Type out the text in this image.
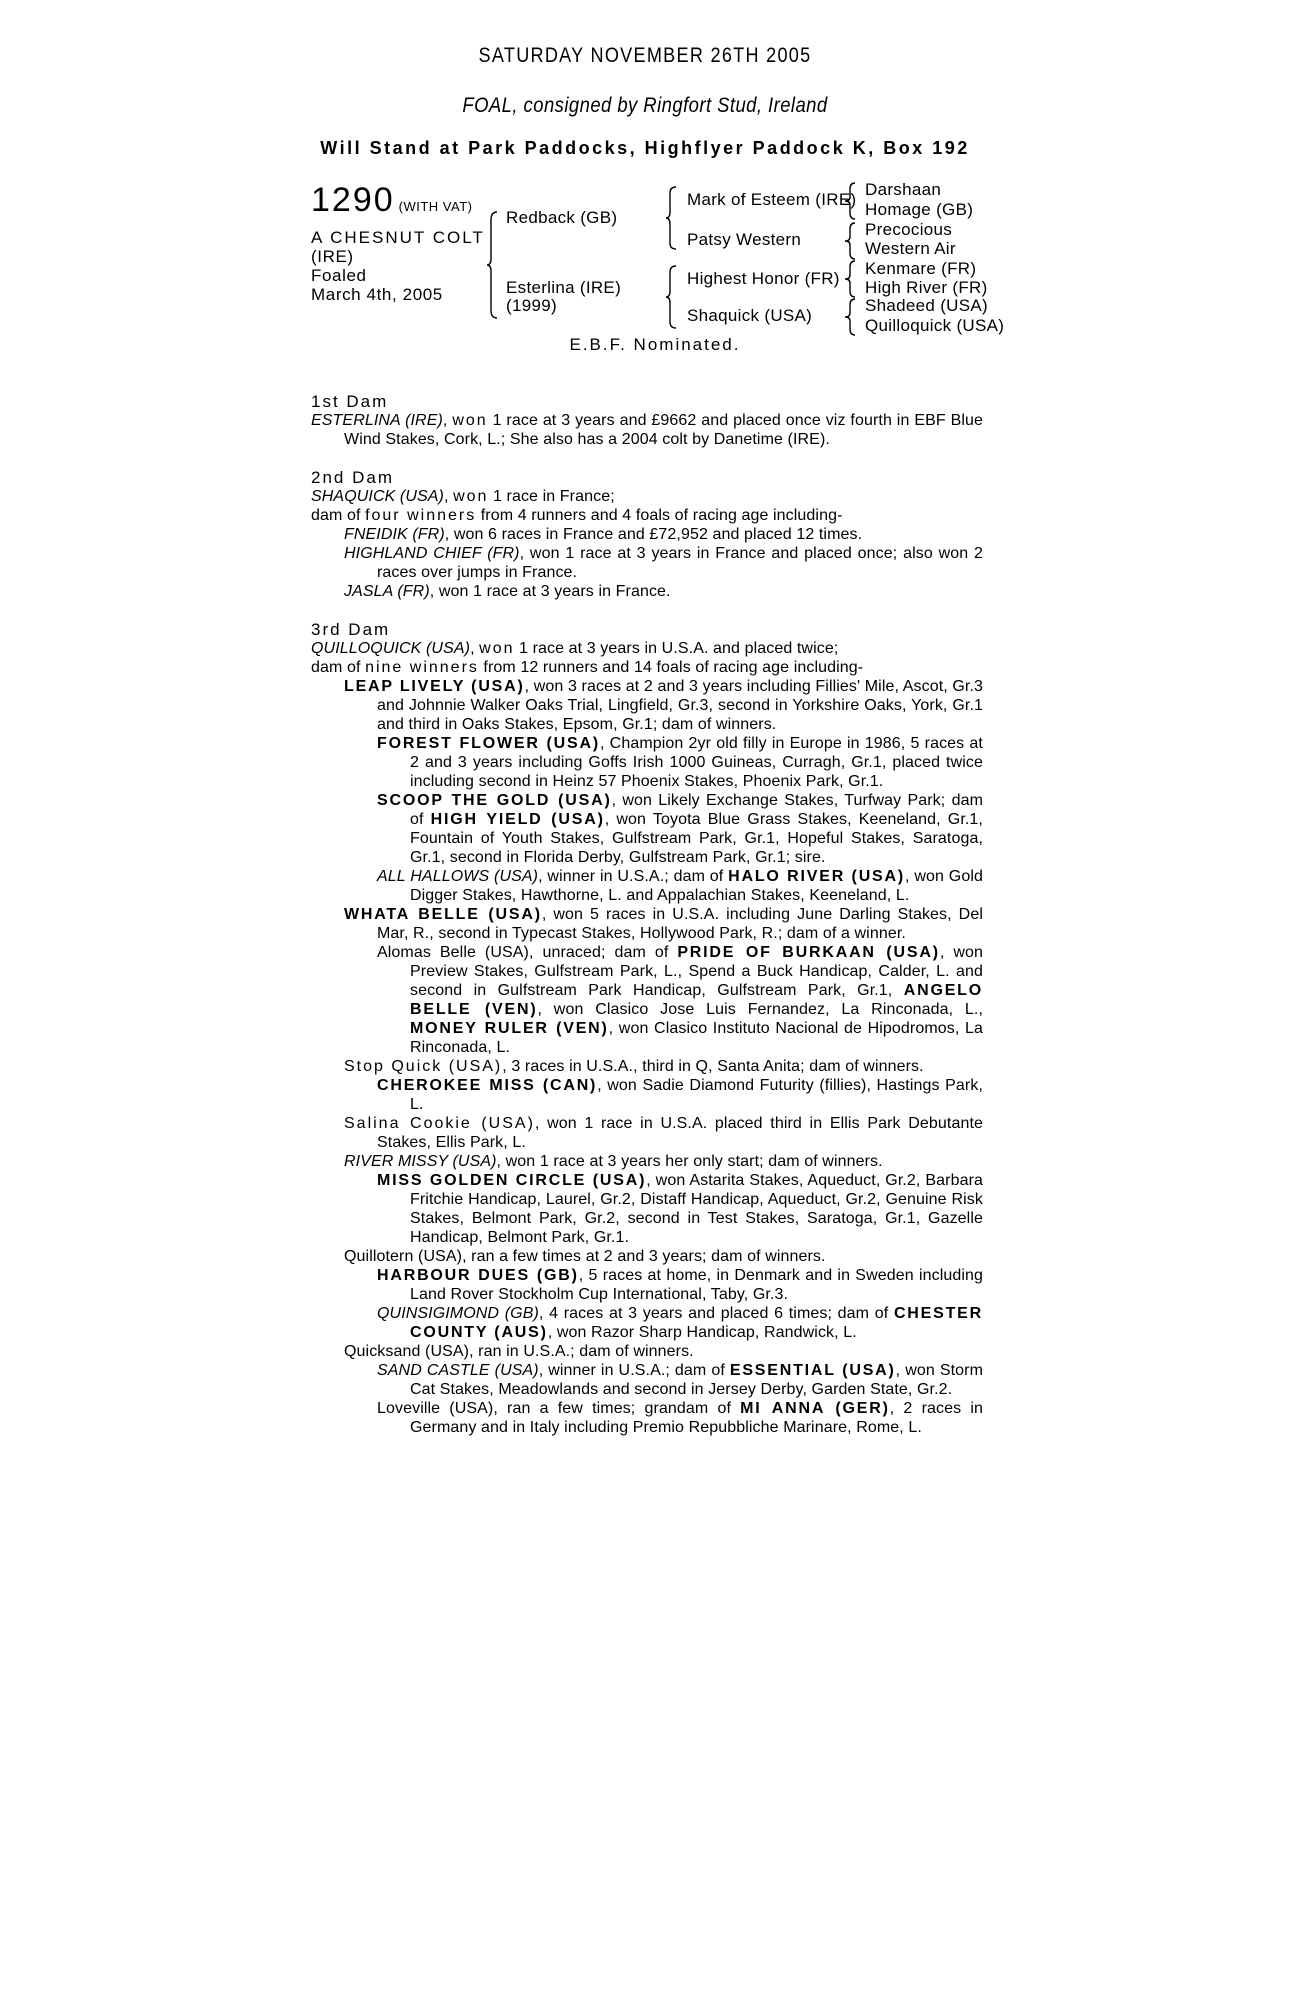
SATURDAY NOVEMBER 26TH 2005
FOAL, consigned by Ringfort Stud, Ireland
Will Stand at Park Paddocks, Highflyer Paddock K, Box 192
1290 (WITH VAT)
A CHESNUT COLT
(IRE)
Foaled
March 4th, 2005
Redback (GB)
Esterlina (IRE)
(1999)
Mark of Esteem (IRE)
Patsy Western
Highest Honor (FR)
Shaquick (USA)
Darshaan
Homage (GB)
Precocious
Western Air
Kenmare (FR)
High River (FR)
Shadeed (USA)
Quilloquick (USA)
E.B.F. Nominated.
1st Dam

ESTERLINA (IRE), won 1 race at 3 years and £9662 and placed once viz fourth in EBF Blue Wind Stakes, Cork, L.; She also has a 2004 colt by Danetime (IRE).

2nd Dam

SHAQUICK (USA), won 1 race in France;

dam of four winners from 4 runners and 4 foals of racing age including-

FNEIDIK (FR), won 6 races in France and £72,952 and placed 12 times.

HIGHLAND CHIEF (FR), won 1 race at 3 years in France and placed once; also won 2 races over jumps in France.

JASLA (FR), won 1 race at 3 years in France.

3rd Dam

QUILLOQUICK (USA), won 1 race at 3 years in U.S.A. and placed twice;

dam of nine winners from 12 runners and 14 foals of racing age including-

LEAP LIVELY (USA), won 3 races at 2 and 3 years including Fillies' Mile, Ascot, Gr.3 and Johnnie Walker Oaks Trial, Lingfield, Gr.3, second in Yorkshire Oaks, York, Gr.1 and third in Oaks Stakes, Epsom, Gr.1; dam of winners.

FOREST FLOWER (USA), Champion 2yr old filly in Europe in 1986, 5 races at 2 and 3 years including Goffs Irish 1000 Guineas, Curragh, Gr.1, placed twice including second in Heinz 57 Phoenix Stakes, Phoenix Park, Gr.1.

SCOOP THE GOLD (USA), won Likely Exchange Stakes, Turfway Park; dam of HIGH YIELD (USA), won Toyota Blue Grass Stakes, Keeneland, Gr.1, Fountain of Youth Stakes, Gulfstream Park, Gr.1, Hopeful Stakes, Saratoga, Gr.1, second in Florida Derby, Gulfstream Park, Gr.1; sire.

ALL HALLOWS (USA), winner in U.S.A.; dam of HALO RIVER (USA), won Gold Digger Stakes, Hawthorne, L. and Appalachian Stakes, Keeneland, L.

WHATA BELLE (USA), won 5 races in U.S.A. including June Darling Stakes, Del Mar, R., second in Typecast Stakes, Hollywood Park, R.; dam of a winner.

Alomas Belle (USA), unraced; dam of PRIDE OF BURKAAN (USA), won Preview Stakes, Gulfstream Park, L., Spend a Buck Handicap, Calder, L. and second in Gulfstream Park Handicap, Gulfstream Park, Gr.1, ANGELO BELLE (VEN), won Clasico Jose Luis Fernandez, La Rinconada, L., MONEY RULER (VEN), won Clasico Instituto Nacional de Hipodromos, La Rinconada, L.

Stop Quick (USA), 3 races in U.S.A., third in Q, Santa Anita; dam of winners.

CHEROKEE MISS (CAN), won Sadie Diamond Futurity (fillies), Hastings Park, L.

Salina Cookie (USA), won 1 race in U.S.A. placed third in Ellis Park Debutante Stakes, Ellis Park, L.

RIVER MISSY (USA), won 1 race at 3 years her only start; dam of winners.

MISS GOLDEN CIRCLE (USA), won Astarita Stakes, Aqueduct, Gr.2, Barbara Fritchie Handicap, Laurel, Gr.2, Distaff Handicap, Aqueduct, Gr.2, Genuine Risk Stakes, Belmont Park, Gr.2, second in Test Stakes, Saratoga, Gr.1, Gazelle Handicap, Belmont Park, Gr.1.

Quillotern (USA), ran a few times at 2 and 3 years; dam of winners.

HARBOUR DUES (GB), 5 races at home, in Denmark and in Sweden including Land Rover Stockholm Cup International, Taby, Gr.3.

QUINSIGIMOND (GB), 4 races at 3 years and placed 6 times; dam of CHESTER COUNTY (AUS), won Razor Sharp Handicap, Randwick, L.

Quicksand (USA), ran in U.S.A.; dam of winners.

SAND CASTLE (USA), winner in U.S.A.; dam of ESSENTIAL (USA), won Storm Cat Stakes, Meadowlands and second in Jersey Derby, Garden State, Gr.2.

Loveville (USA), ran a few times; grandam of MI ANNA (GER), 2 races in Germany and in Italy including Premio Repubbliche Marinare, Rome, L.
